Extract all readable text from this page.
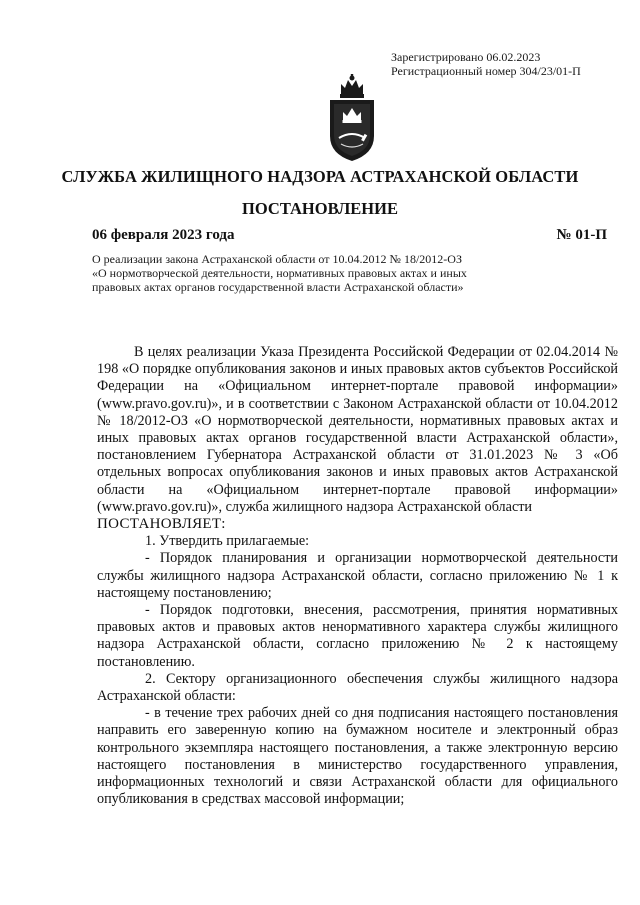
Зарегистрировано 06.02.2023
Регистрационный номер 304/23/01-П
СЛУЖБА ЖИЛИЩНОГО НАДЗОРА АСТРАХАНСКОЙ ОБЛАСТИ
ПОСТАНОВЛЕНИЕ
06 февраля 2023 года	№ 01-П
О реализации закона Астраханской области от 10.04.2012 № 18/2012-ОЗ
«О нормотворческой деятельности, нормативных правовых актах и иных
правовых актах органов государственной власти Астраханской области»

В целях реализации Указа Президента Российской Федерации от 02.04.2014 № 198 «О порядке опубликования законов и иных правовых актов субъектов Российской Федерации на «Официальном интернет-портале правовой информации» (www.pravo.gov.ru)», и в соответствии с Законом Астраханской области от 10.04.2012 № 18/2012-ОЗ «О нормотворческой деятельности, нормативных правовых актах и иных правовых актах органов государственной власти Астраханской области», постановлением Губернатора Астраханской области от 31.01.2023 № 3 «Об отдельных вопросах опубликования законов и иных правовых актов Астраханской области на «Официальном интернет-портале правовой информации» (www.pravo.gov.ru)», служба жилищного надзора Астраханской области

ПОСТАНОВЛЯЕТ:

1. Утвердить прилагаемые:

- Порядок планирования и организации нормотворческой деятельности службы жилищного надзора Астраханской области, согласно приложению № 1 к настоящему постановлению;

- Порядок подготовки, внесения, рассмотрения, принятия нормативных правовых актов и правовых актов ненормативного характера службы жилищного надзора Астраханской области, согласно приложению № 2 к настоящему постановлению.

2. Сектору организационного обеспечения службы жилищного надзора Астраханской области:

- в течение трех рабочих дней со дня подписания настоящего постановления направить его заверенную копию на бумажном носителе и электронный образ контрольного экземпляра настоящего постановления, а также электронную версию настоящего постановления в министерство государственного управления, информационных технологий и связи Астраханской области для официального опубликования в средствах массовой информации;
